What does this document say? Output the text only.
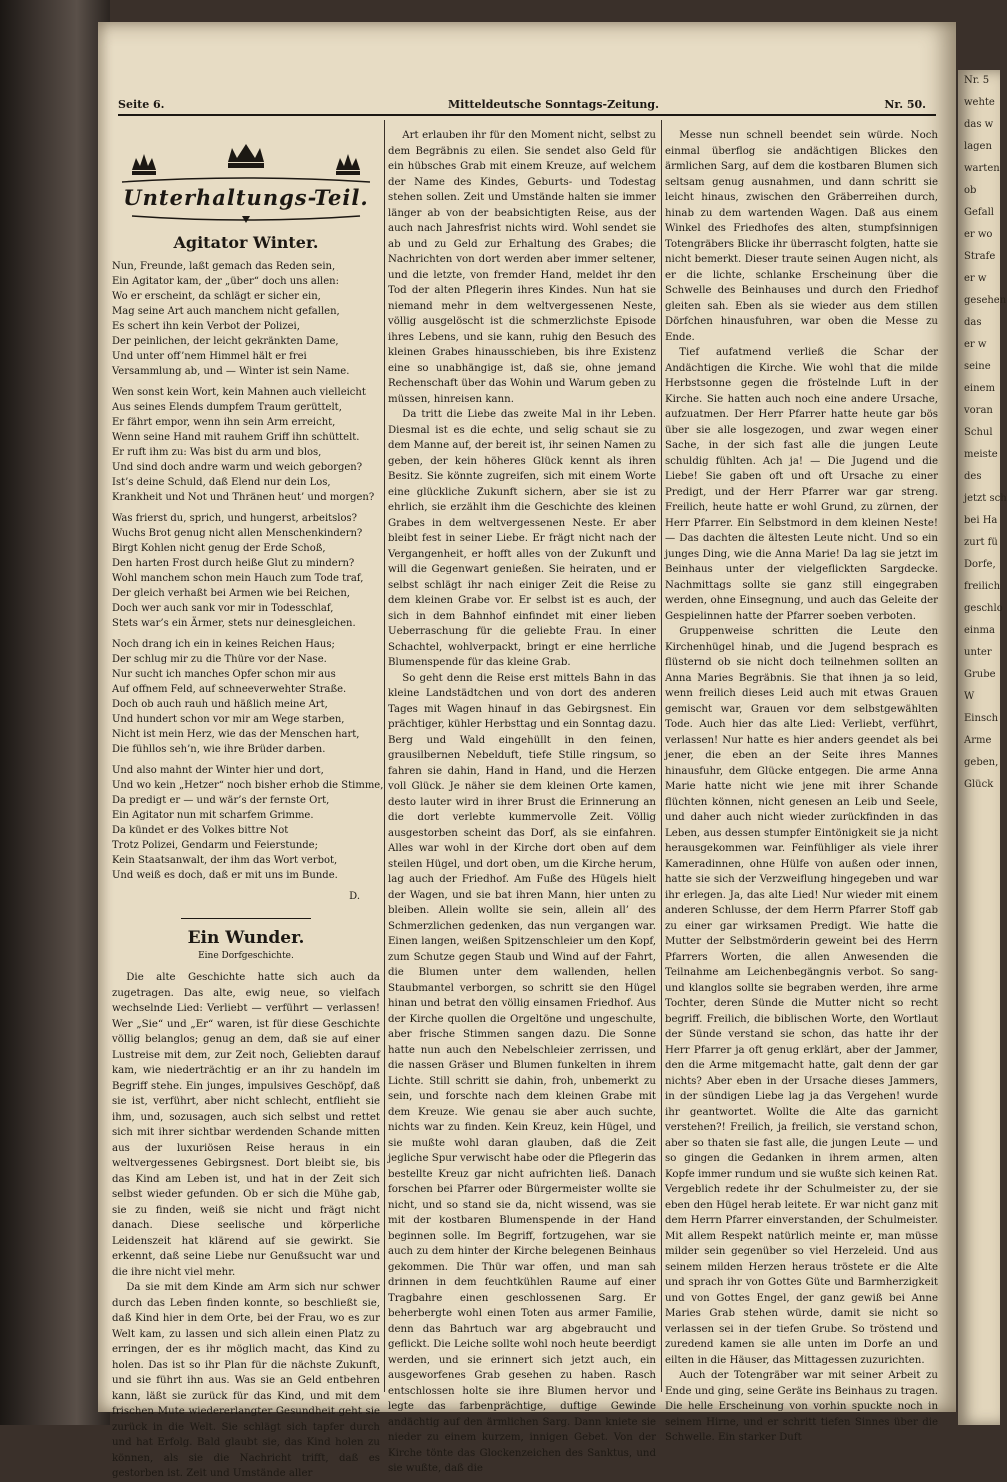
Seite 6.	Mitteldeutsche Sonntags-Zeitung.	Nr. 50.
Unterhaltungs-Teil.
Agitator Winter.
Nun, Freunde, laßt gemach das Reden sein,
Ein Agitator kam, der „über“ doch uns allen:
Wo er erscheint, da schlägt er sicher ein,
Mag seine Art auch manchem nicht gefallen,
Es schert ihn kein Verbot der Polizei,
Der peinlichen, der leicht gekränkten Dame,
Und unter off’nem Himmel hält er frei
Versammlung ab, und — Winter ist sein Name.
Wen sonst kein Wort, kein Mahnen auch vielleicht
Aus seines Elends dumpfem Traum gerüttelt,
Er fährt empor, wenn ihn sein Arm erreicht,
Wenn seine Hand mit rauhem Griff ihn schüttelt.
Er ruft ihm zu: Was bist du arm und blos,
Und sind doch andre warm und weich geborgen?
Ist’s deine Schuld, daß Elend nur dein Los,
Krankheit und Not und Thränen heut’ und morgen?
Was frierst du, sprich, und hungerst, arbeitslos?
Wuchs Brot genug nicht allen Menschenkindern?
Birgt Kohlen nicht genug der Erde Schoß,
Den harten Frost durch heiße Glut zu mindern?
Wohl manchem schon mein Hauch zum Tode traf,
Der gleich verhaßt bei Armen wie bei Reichen,
Doch wer auch sank vor mir in Todesschlaf,
Stets war’s ein Ärmer, stets nur deinesgleichen.
Noch drang ich ein in keines Reichen Haus;
Der schlug mir zu die Thüre vor der Nase.
Nur sucht ich manches Opfer schon mir aus
Auf offnem Feld, auf schneeverwehter Straße.
Doch ob auch rauh und häßlich meine Art,
Und hundert schon vor mir am Wege starben,
Nicht ist mein Herz, wie das der Menschen hart,
Die fühllos seh’n, wie ihre Brüder darben.
Und also mahnt der Winter hier und dort,
Und wo kein „Hetzer“ noch bisher erhob die Stimme,
Da predigt er — und wär’s der fernste Ort,
Ein Agitator nun mit scharfem Grimme.
Da kündet er des Volkes bittre Not
Trotz Polizei, Gendarm und Feierstunde;
Kein Staatsanwalt, der ihm das Wort verbot,
Und weiß es doch, daß er mit uns im Bunde.
D.
Ein Wunder.
Eine Dorfgeschichte.

Die alte Geschichte hatte sich auch da zugetragen. Das alte, ewig neue, so vielfach wechselnde Lied: Verliebt — verführt — verlassen! Wer „Sie“ und „Er“ waren, ist für diese Geschichte völlig belanglos; genug an dem, daß sie auf einer Lustreise mit dem, zur Zeit noch, Geliebten darauf kam, wie niederträchtig er an ihr zu handeln im Begriff stehe. Ein junges, impulsives Geschöpf, daß sie ist, verführt, aber nicht schlecht, entflieht sie ihm, und, sozusagen, auch sich selbst und rettet sich mit ihrer sichtbar werdenden Schande mitten aus der luxuriösen Reise heraus in ein weltvergessenes Gebirgsnest. Dort bleibt sie, bis das Kind am Leben ist, und hat in der Zeit sich selbst wieder gefunden. Ob er sich die Mühe gab, sie zu finden, weiß sie nicht und frägt nicht danach. Diese seelische und körperliche Leidenszeit hat klärend auf sie gewirkt. Sie erkennt, daß seine Liebe nur Genußsucht war und die ihre nicht viel mehr.

Da sie mit dem Kinde am Arm sich nur schwer durch das Leben finden konnte, so beschließt sie, daß Kind hier in dem Orte, bei der Frau, wo es zur Welt kam, zu lassen und sich allein einen Platz zu erringen, der es ihr möglich macht, das Kind zu holen. Das ist so ihr Plan für die nächste Zukunft, und sie führt ihn aus. Was sie an Geld entbehren kann, läßt sie zurück für das Kind, und mit dem frischen Mute wiedererlangter Gesundheit geht sie zurück in die Welt. Sie schlägt sich tapfer durch und hat Erfolg. Bald glaubt sie, das Kind holen zu können, als sie die Nachricht trifft, daß es gestorben ist. Zeit und Umstände aller

Art erlauben ihr für den Moment nicht, selbst zu dem Begräbnis zu eilen. Sie sendet also Geld für ein hübsches Grab mit einem Kreuze, auf welchem der Name des Kindes, Geburts- und Todestag stehen sollen. Zeit und Umstände halten sie immer länger ab von der beabsichtigten Reise, aus der auch nach Jahresfrist nichts wird. Wohl sendet sie ab und zu Geld zur Erhaltung des Grabes; die Nachrichten von dort werden aber immer seltener, und die letzte, von fremder Hand, meldet ihr den Tod der alten Pflegerin ihres Kindes. Nun hat sie niemand mehr in dem weltvergessenen Neste, völlig ausgelöscht ist die schmerzlichste Episode ihres Lebens, und sie kann, ruhig den Besuch des kleinen Grabes hinausschieben, bis ihre Existenz eine so unabhängige ist, daß sie, ohne jemand Rechenschaft über das Wohin und Warum geben zu müssen, hinreisen kann.

Da tritt die Liebe das zweite Mal in ihr Leben. Diesmal ist es die echte, und selig schaut sie zu dem Manne auf, der bereit ist, ihr seinen Namen zu geben, der kein höheres Glück kennt als ihren Besitz. Sie könnte zugreifen, sich mit einem Worte eine glückliche Zukunft sichern, aber sie ist zu ehrlich, sie erzählt ihm die Geschichte des kleinen Grabes in dem weltvergessenen Neste. Er aber bleibt fest in seiner Liebe. Er frägt nicht nach der Vergangenheit, er hofft alles von der Zukunft und will die Gegenwart genießen. Sie heiraten, und er selbst schlägt ihr nach einiger Zeit die Reise zu dem kleinen Grabe vor. Er selbst ist es auch, der sich in dem Bahnhof einfindet mit einer lieben Ueberraschung für die geliebte Frau. In einer Schachtel, wohlverpackt, bringt er eine herrliche Blumenspende für das kleine Grab.

So geht denn die Reise erst mittels Bahn in das kleine Landstädtchen und von dort des anderen Tages mit Wagen hinauf in das Gebirgsnest. Ein prächtiger, kühler Herbsttag und ein Sonntag dazu. Berg und Wald eingehüllt in den feinen, grausilbernen Nebelduft, tiefe Stille ringsum, so fahren sie dahin, Hand in Hand, und die Herzen voll Glück. Je näher sie dem kleinen Orte kamen, desto lauter wird in ihrer Brust die Erinnerung an die dort verlebte kummervolle Zeit. Völlig ausgestorben scheint das Dorf, als sie einfahren. Alles war wohl in der Kirche dort oben auf dem steilen Hügel, und dort oben, um die Kirche herum, lag auch der Friedhof. Am Fuße des Hügels hielt der Wagen, und sie bat ihren Mann, hier unten zu bleiben. Allein wollte sie sein, allein all’ des Schmerzlichen gedenken, das nun vergangen war. Einen langen, weißen Spitzenschleier um den Kopf, zum Schutze gegen Staub und Wind auf der Fahrt, die Blumen unter dem wallenden, hellen Staubmantel verborgen, so schritt sie den Hügel hinan und betrat den völlig einsamen Friedhof. Aus der Kirche quollen die Orgeltöne und ungeschulte, aber frische Stimmen sangen dazu. Die Sonne hatte nun auch den Nebelschleier zerrissen, und die nassen Gräser und Blumen funkelten in ihrem Lichte. Still schritt sie dahin, froh, unbemerkt zu sein, und forschte nach dem kleinen Grabe mit dem Kreuze. Wie genau sie aber auch suchte, nichts war zu finden. Kein Kreuz, kein Hügel, und sie mußte wohl daran glauben, daß die Zeit jegliche Spur verwischt habe oder die Pflegerin das bestellte Kreuz gar nicht aufrichten ließ. Danach forschen bei Pfarrer oder Bürgermeister wollte sie nicht, und so stand sie da, nicht wissend, was sie mit der kostbaren Blumenspende in der Hand beginnen solle. Im Begriff, fortzugehen, war sie auch zu dem hinter der Kirche belegenen Beinhaus gekommen. Die Thür war offen, und man sah drinnen in dem feuchtkühlen Raume auf einer Tragbahre einen geschlossenen Sarg. Er beherbergte wohl einen Toten aus armer Familie, denn das Bahrtuch war arg abgebraucht und geflickt. Die Leiche sollte wohl noch heute beerdigt werden, und sie erinnert sich jetzt auch, ein ausgeworfenes Grab gesehen zu haben. Rasch entschlossen holte sie ihre Blumen hervor und legte das farbenprächtige, duftige Gewinde andächtig auf den ärmlichen Sarg. Dann kniete sie nieder zu einem kurzem, innigen Gebet. Von der Kirche tönte das Glockenzeichen des Sanktus, und sie wußte, daß die

Messe nun schnell beendet sein würde. Noch einmal überflog sie andächtigen Blickes den ärmlichen Sarg, auf dem die kostbaren Blumen sich seltsam genug ausnahmen, und dann schritt sie leicht hinaus, zwischen den Gräberreihen durch, hinab zu dem wartenden Wagen. Daß aus einem Winkel des Friedhofes des alten, stumpfsinnigen Totengräbers Blicke ihr überrascht folgten, hatte sie nicht bemerkt. Dieser traute seinen Augen nicht, als er die lichte, schlanke Erscheinung über die Schwelle des Beinhauses und durch den Friedhof gleiten sah. Eben als sie wieder aus dem stillen Dörfchen hinausfuhren, war oben die Messe zu Ende.

Tief aufatmend verließ die Schar der Andächtigen die Kirche. Wie wohl that die milde Herbstsonne gegen die fröstelnde Luft in der Kirche. Sie hatten auch noch eine andere Ursache, aufzuatmen. Der Herr Pfarrer hatte heute gar bös über sie alle losgezogen, und zwar wegen einer Sache, in der sich fast alle die jungen Leute schuldig fühlten. Ach ja! — Die Jugend und die Liebe! Sie gaben oft und oft Ursache zu einer Predigt, und der Herr Pfarrer war gar streng. Freilich, heute hatte er wohl Grund, zu zürnen, der Herr Pfarrer. Ein Selbstmord in dem kleinen Neste! — Das dachten die ältesten Leute nicht. Und so ein junges Ding, wie die Anna Marie! Da lag sie jetzt im Beinhaus unter der vielgeflickten Sargdecke. Nachmittags sollte sie ganz still eingegraben werden, ohne Einsegnung, und auch das Geleite der Gespielinnen hatte der Pfarrer soeben verboten.

Gruppenweise schritten die Leute den Kirchenhügel hinab, und die Jugend besprach es flüsternd ob sie nicht doch teilnehmen sollten an Anna Maries Begräbnis. Sie that ihnen ja so leid, wenn freilich dieses Leid auch mit etwas Grauen gemischt war, Grauen vor dem selbstgewählten Tode. Auch hier das alte Lied: Verliebt, verführt, verlassen! Nur hatte es hier anders geendet als bei jener, die eben an der Seite ihres Mannes hinausfuhr, dem Glücke entgegen. Die arme Anna Marie hatte nicht wie jene mit ihrer Schande flüchten können, nicht genesen an Leib und Seele, und daher auch nicht wieder zurückfinden in das Leben, aus dessen stumpfer Eintönigkeit sie ja nicht herausgekommen war. Feinfühliger als viele ihrer Kameradinnen, ohne Hülfe von außen oder innen, hatte sie sich der Verzweiflung hingegeben und war ihr erlegen. Ja, das alte Lied! Nur wieder mit einem anderen Schlusse, der dem Herrn Pfarrer Stoff gab zu einer gar wirksamen Predigt. Wie hatte die Mutter der Selbstmörderin geweint bei des Herrn Pfarrers Worten, die allen Anwesenden die Teilnahme am Leichenbegängnis verbot. So sang- und klanglos sollte sie begraben werden, ihre arme Tochter, deren Sünde die Mutter nicht so recht begriff. Freilich, die biblischen Worte, den Wortlaut der Sünde verstand sie schon, das hatte ihr der Herr Pfarrer ja oft genug erklärt, aber der Jammer, den die Arme mitgemacht hatte, galt denn der gar nichts? Aber eben in der Ursache dieses Jammers, in der sündigen Liebe lag ja das Vergehen! wurde ihr geantwortet. Wollte die Alte das garnicht verstehen?! Freilich, ja freilich, sie verstand schon, aber so thaten sie fast alle, die jungen Leute — und so gingen die Gedanken in ihrem armen, alten Kopfe immer rundum und sie wußte sich keinen Rat. Vergeblich redete ihr der Schulmeister zu, der sie eben den Hügel herab leitete. Er war nicht ganz mit dem Herrn Pfarrer einverstanden, der Schulmeister. Mit allem Respekt natürlich meinte er, man müsse milder sein gegenüber so viel Herzeleid. Und aus seinem milden Herzen heraus tröstete er die Alte und sprach ihr von Gottes Güte und Barmherzigkeit und von Gottes Engel, der ganz gewiß bei Anne Maries Grab stehen würde, damit sie nicht so verlassen sei in der tiefen Grube. So tröstend und zuredend kamen sie alle unten im Dorfe an und eilten in die Häuser, das Mittagessen zuzurichten.

Auch der Totengräber war mit seiner Arbeit zu Ende und ging, seine Geräte ins Beinhaus zu tragen. Die helle Erscheinung von vorhin spuckte noch in seinem Hirne, und er schritt tiefen Sinnes über die Schwelle. Ein starker Duft

Nr. 5
wehte
das w
lagen
warten
ob
Gefall
er wo
Strafe
er w
gesehen
das
er w
seine
einem
voran
Schul
meiste
des
jetzt sch
bei Ha
zurt fü
Dorfe,
freilich
geschlo
einma
unter
Grube
W
Einsch
Arme
geben,
Glück
